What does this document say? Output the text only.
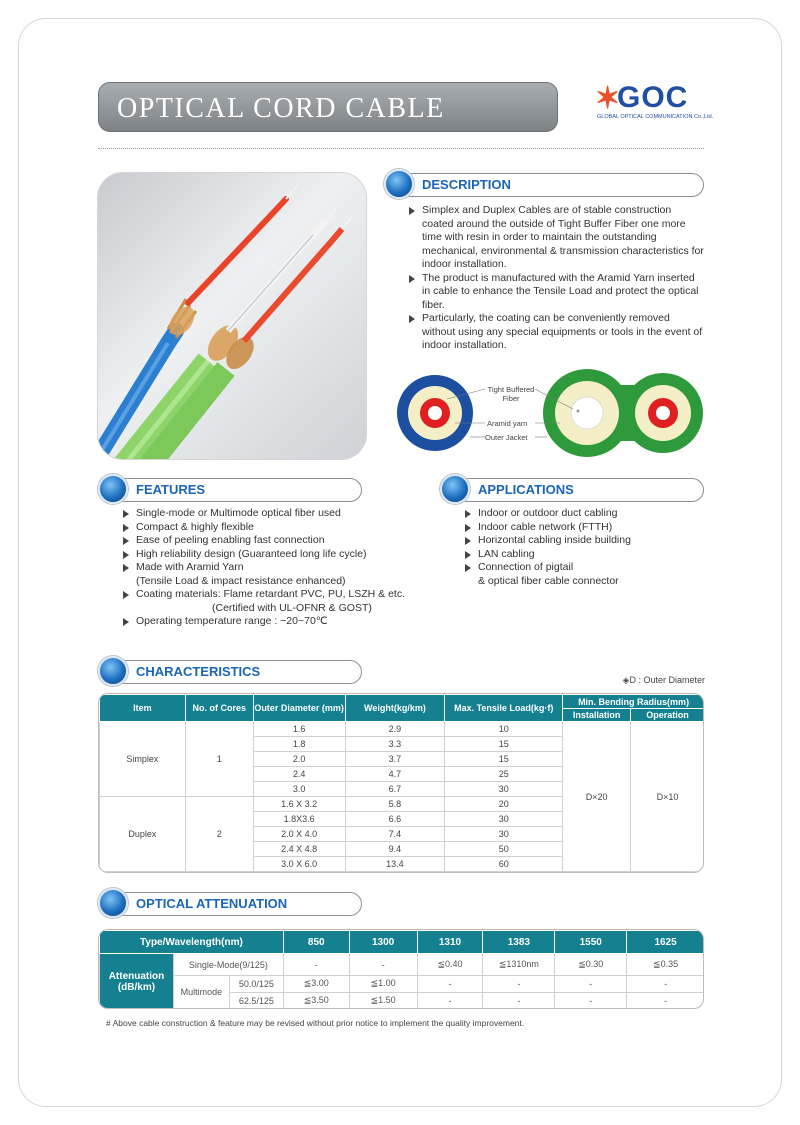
OPTICAL CORD CABLE	✶
GOC
GLOBAL OPTICAL COMMUNICATION Co.,Ltd.
DESCRIPTION
Simplex and Duplex Cables are of stable construction coated around the outside of Tight Buffer Fiber one more time with resin in order to maintain the outstanding mechanical, environmental & transmission characteristics for indoor installation.
The product is manufactured with the Aramid Yarn inserted in cable to enhance the Tensile Load and protect the optical fiber.
Particularly, the coating can be conveniently removed without using any special equipments or tools in the event of indoor installation.
Tight Buffered Fiber
Aramid yarn
Outer Jacket
FEATURES
Single-mode or Multimode optical fiber used
Compact & highly flexible
Ease of peeling enabling fast connection
High reliability design (Guaranteed long life cycle)
Made with Aramid Yarn
(Tensile Load & impact resistance enhanced)
Coating materials: Flame retardant PVC, PU, LSZH & etc.
(Certified with UL-OFNR & GOST)
Operating temperature range : −20~70℃
APPLICATIONS
Indoor or outdoor duct cabling
Indoor cable network (FTTH)
Horizontal cabling inside building
LAN cabling
Connection of pigtail
& optical fiber cable connector
CHARACTERISTICS
◈D : Outer Diameter
Item	No. of Cores	Outer Diameter (mm)	Weight(kg/km)	Max. Tensile Load(kg·f)	Min. Bending Radius(mm)	
					Installation	Operation
Simplex	1	1.6	2.9	10	D×20	D×10
		1.8	3.3	15		
		2.0	3.7	15		
		2.4	4.7	25		
		3.0	6.7	30		
Duplex	2	1.6 X 3.2	5.8	20		
		1.8X3.6	6.6	30		
		2.0 X 4.0	7.4	30		
		2.4 X 4.8	9.4	50		
		3.0 X 6.0	13.4	60		
OPTICAL ATTENUATION
Type/Wavelength(nm)			850	1300	1310	1383	1550	1625
Attenuation (dB/km)	Single-Mode(9/125)		-	-	≦0.40	≦1310nm	≦0.30	≦0.35
	Multimode	50.0/125	≦3.00	≦1.00	-	-	-	-
		62.5/125	≦3.50	≦1.50	-	-	-	-
# Above cable construction & feature may be revised without prior notice to implement the quality improvement.
